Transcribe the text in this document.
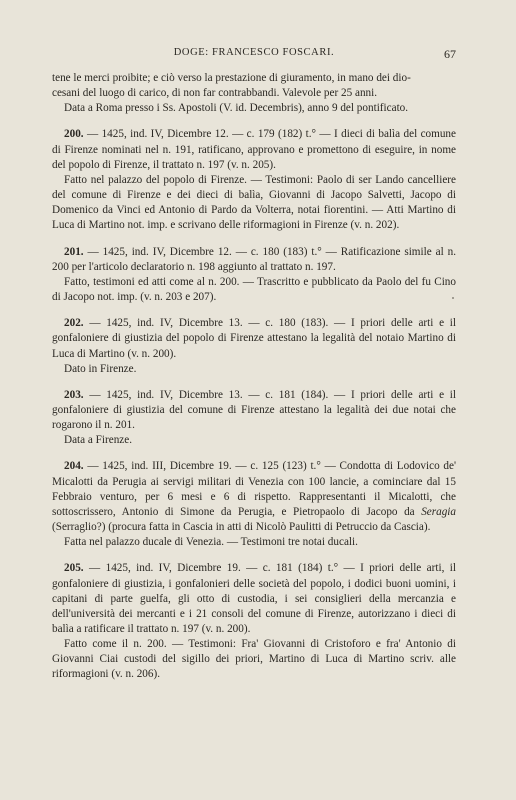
DOGE: FRANCESCO FOSCARI.	67

tene le merci proibite; e ciò verso la prestazione di giuramento, in mano dei dio-

cesani del luogo di carico, di non far contrabbandi. Valevole per 25 anni.

Data a Roma presso i Ss. Apostoli (V. id. Decembris), anno 9 del pontificato.

200. — 1425, ind. IV, Dicembre 12. — c. 179 (182) t.° — I dieci di balìa del comune di Firenze nominati nel n. 191, ratificano, approvano e promettono di eseguire, in nome del popolo di Firenze, il trattato n. 197 (v. n. 205).

Fatto nel palazzo del popolo di Firenze. — Testimoni: Paolo di ser Lando cancelliere del comune di Firenze e dei dieci di balìa, Giovanni di Jacopo Salvetti, Jacopo di Domenico da Vinci ed Antonio di Pardo da Volterra, notai fiorentini. — Atti Martino di Luca di Martino not. imp. e scrivano delle riformagioni in Firenze (v. n. 202).

201. — 1425, ind. IV, Dicembre 12. — c. 180 (183) t.° — Ratificazione simile al n. 200 per l'articolo declaratorio n. 198 aggiunto al trattato n. 197.

Fatto, testimoni ed atti come al n. 200. — Trascritto e pubblicato da Paolo del fu Cino di Jacopo not. imp. (v. n. 203 e 207).

202. — 1425, ind. IV, Dicembre 13. — c. 180 (183). — I priori delle arti e il gonfaloniere di giustizia del popolo di Firenze attestano la legalità del notaio Martino di Luca di Martino (v. n. 200).

Dato in Firenze.

203. — 1425, ind. IV, Dicembre 13. — c. 181 (184). — I priori delle arti e il gonfaloniere di giustizia del comune di Firenze attestano la legalità dei due notai che rogarono il n. 201.

Data a Firenze.

204. — 1425, ind. III, Dicembre 19. — c. 125 (123) t.° — Condotta di Lodovico de' Micalotti da Perugia ai servigi militari di Venezia con 100 lancie, a cominciare dal 15 Febbraio venturo, per 6 mesi e 6 di rispetto. Rappresentanti il Micalotti, che sottoscrissero, Antonio di Simone da Perugia, e Pietropaolo di Jacopo da Seragia (Serraglio?) (procura fatta in Cascia in atti di Nicolò Paulitti di Petruccio da Cascia).

Fatta nel palazzo ducale di Venezia. — Testimoni tre notai ducali.

205. — 1425, ind. IV, Dicembre 19. — c. 181 (184) t.° — I priori delle arti, il gonfaloniere di giustizia, i gonfalonieri delle società del popolo, i dodici buoni uomini, i capitani di parte guelfa, gli otto di custodia, i sei consiglieri della mercanzia e dell'università dei mercanti e i 21 consoli del comune di Firenze, autorizzano i dieci di balìa a ratificare il trattato n. 197 (v. n. 200).

Fatto come il n. 200. — Testimoni: Fra' Giovanni di Cristoforo e fra' Antonio di Giovanni Ciai custodi del sigillo dei priori, Martino di Luca di Martino scriv. alle riformagioni (v. n. 206).
